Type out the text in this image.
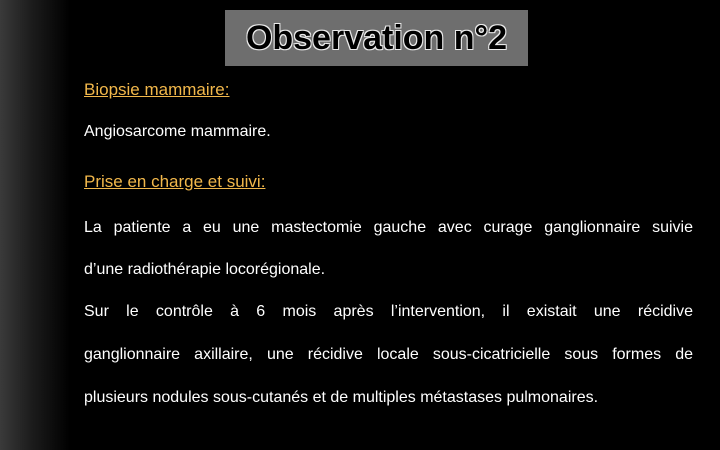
Observation n°2
Biopsie mammaire:
Angiosarcome mammaire.
Prise en charge et suivi:
La patiente a eu une mastectomie gauche avec curage ganglionnaire suivie
d’une radiothérapie locorégionale.
Sur le contrôle à 6 mois après l’intervention, il existait une récidive
ganglionnaire axillaire, une récidive locale sous-cicatricielle sous formes de
plusieurs nodules sous-cutanés et de multiples métastases pulmonaires.
